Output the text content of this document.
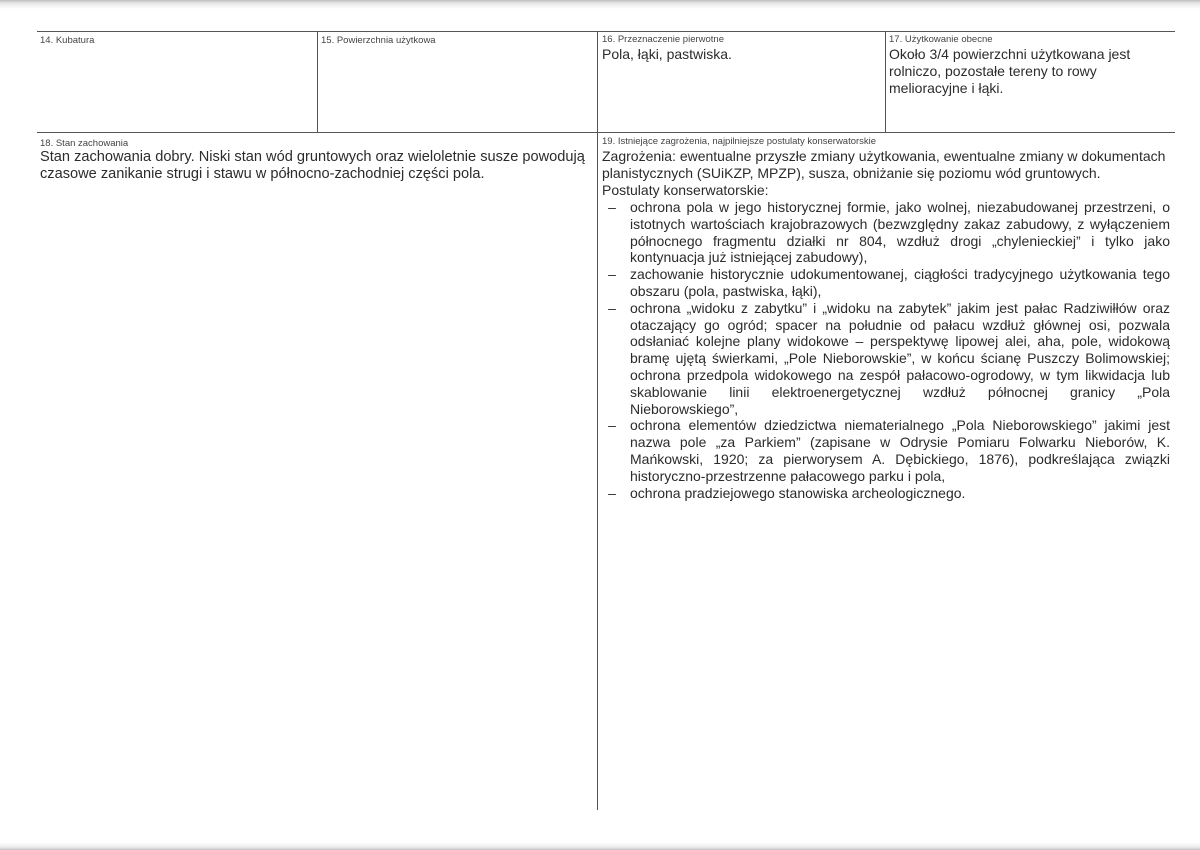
14. Kubatura	15. Powierzchnia użytkowa	16. Przeznaczenie pierwotne
Pola, łąki, pastwiska.
17. Użytkowanie obecne
Około 3/4 powierzchni użytkowana jest rolniczo, pozostałe tereny to rowy melioracyjne i łąki.
18. Stan zachowania
Stan zachowania dobry. Niski stan wód gruntowych oraz wieloletnie susze powodują czasowe zanikanie strugi i stawu w północno-zachodniej części pola.
19. Istniejące zagrożenia, najpilniejsze postulaty konserwatorskie
Zagrożenia: ewentualne przyszłe zmiany użytkowania, ewentualne zmiany w dokumentach planistycznych (SUiKZP, MPZP), susza, obniżanie się poziomu wód gruntowych.
Postulaty konserwatorskie:
– ochrona pola w jego historycznej formie, jako wolnej, niezabudowanej przestrzeni, o istotnych wartościach krajobrazowych (bezwzględny zakaz zabudowy, z wyłączeniem północnego fragmentu działki nr 804, wzdłuż drogi „chylenieckiej” i tylko jako kontynuacja już istniejącej zabudowy),
– zachowanie historycznie udokumentowanej, ciągłości tradycyjnego użytkowania tego obszaru (pola, pastwiska, łąki),
– ochrona „widoku z zabytku” i „widoku na zabytek” jakim jest pałac Radziwiłłów oraz otaczający go ogród; spacer na południe od pałacu wzdłuż głównej osi, pozwala odsłaniać kolejne plany widokowe – perspektywę lipowej alei, aha, pole, widokową bramę ujętą świerkami, „Pole Nieborowskie”, w końcu ścianę Puszczy Bolimowskiej; ochrona przedpola widokowego na zespół pałacowo-ogrodowy, w tym likwidacja lub skablowanie linii elektroenergetycznej wzdłuż północnej granicy „Pola Nieborowskiego”,
– ochrona elementów dziedzictwa niematerialnego „Pola Nieborowskiego” jakimi jest nazwa pole „za Parkiem” (zapisane w Odrysie Pomiaru Folwarku Nieborów, K. Mańkowski, 1920; za pierworysem A. Dębickiego, 1876), podkreślająca związki historyczno-przestrzenne pałacowego parku i pola,
– ochrona pradziejowego stanowiska archeologicznego.
